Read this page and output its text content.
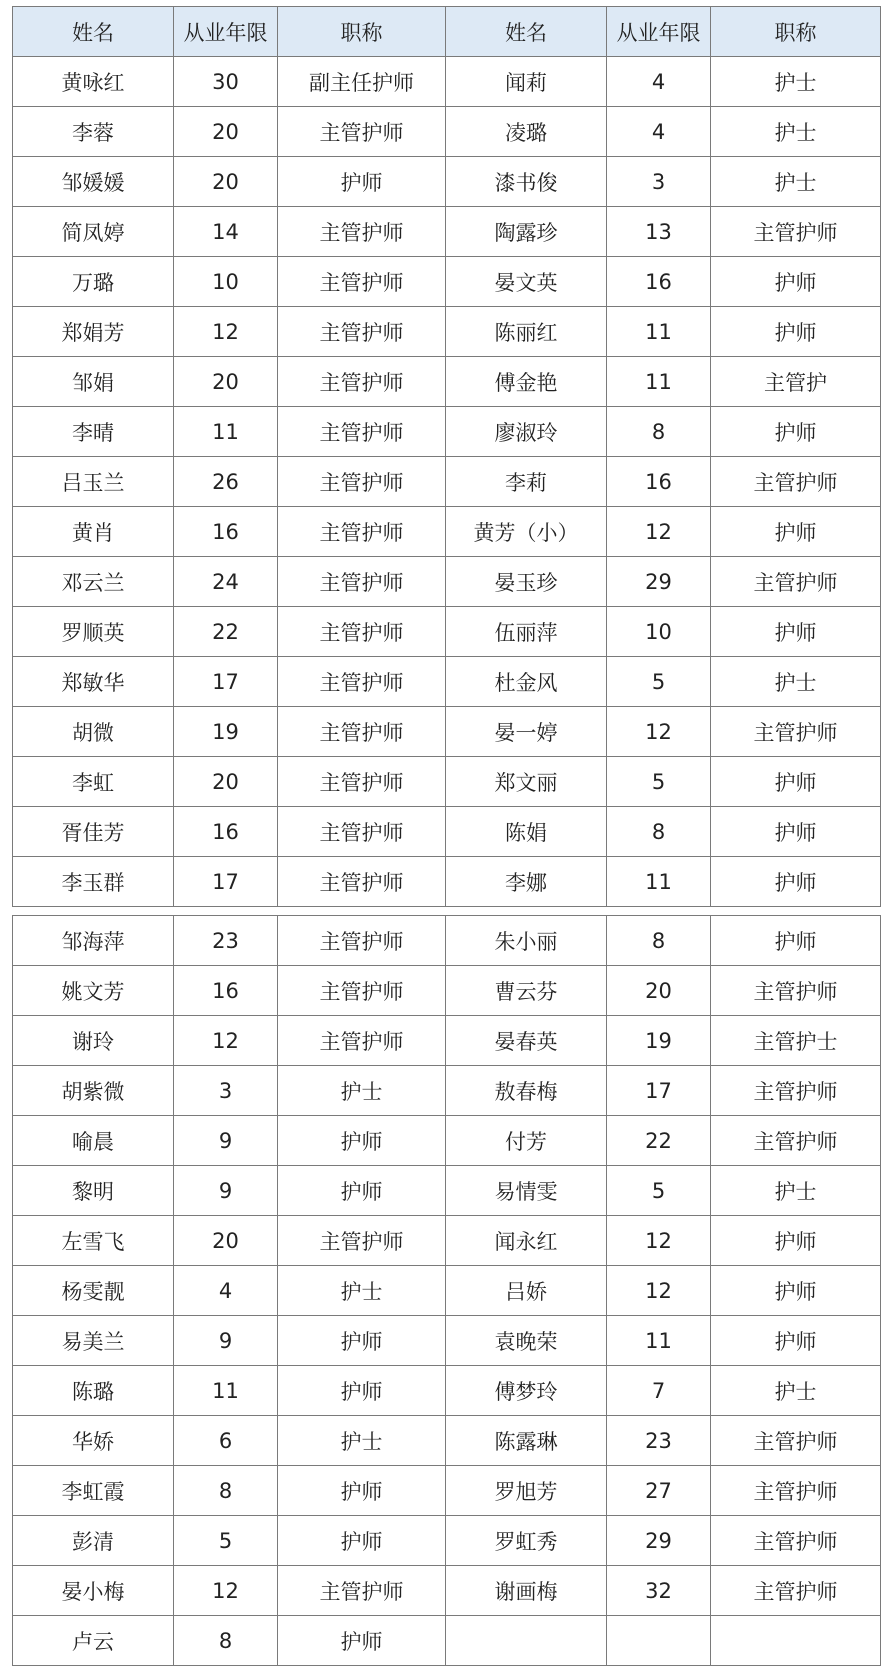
姓名	从业年限	职称	姓名	从业年限	职称
黄咏红	30	副主任护师	闻莉	4	护士
李蓉	20	主管护师	凌璐	4	护士
邹媛媛	20	护师	漆书俊	3	护士
简凤婷	14	主管护师	陶露珍	13	主管护师
万璐	10	主管护师	晏文英	16	护师
郑娟芳	12	主管护师	陈丽红	11	护师
邹娟	20	主管护师	傅金艳	11	主管护
李晴	11	主管护师	廖淑玲	8	护师
吕玉兰	26	主管护师	李莉	16	主管护师
黄肖	16	主管护师	黄芳（小）	12	护师
邓云兰	24	主管护师	晏玉珍	29	主管护师
罗顺英	22	主管护师	伍丽萍	10	护师
郑敏华	17	主管护师	杜金风	5	护士
胡微	19	主管护师	晏一婷	12	主管护师
李虹	20	主管护师	郑文丽	5	护师
胥佳芳	16	主管护师	陈娟	8	护师
李玉群	17	主管护师	李娜	11	护师
邹海萍	23	主管护师	朱小丽	8	护师
姚文芳	16	主管护师	曹云芬	20	主管护师
谢玲	12	主管护师	晏春英	19	主管护士
胡紫微	3	护士	敖春梅	17	主管护师
喻晨	9	护师	付芳	22	主管护师
黎明	9	护师	易情雯	5	护士
左雪飞	20	主管护师	闻永红	12	护师
杨雯靓	4	护士	吕娇	12	护师
易美兰	9	护师	袁晚荣	11	护师
陈璐	11	护师	傅梦玲	7	护士
华娇	6	护士	陈露琳	23	主管护师
李虹霞	8	护师	罗旭芳	27	主管护师
彭清	5	护师	罗虹秀	29	主管护师
晏小梅	12	主管护师	谢画梅	32	主管护师
卢云	8	护师			
